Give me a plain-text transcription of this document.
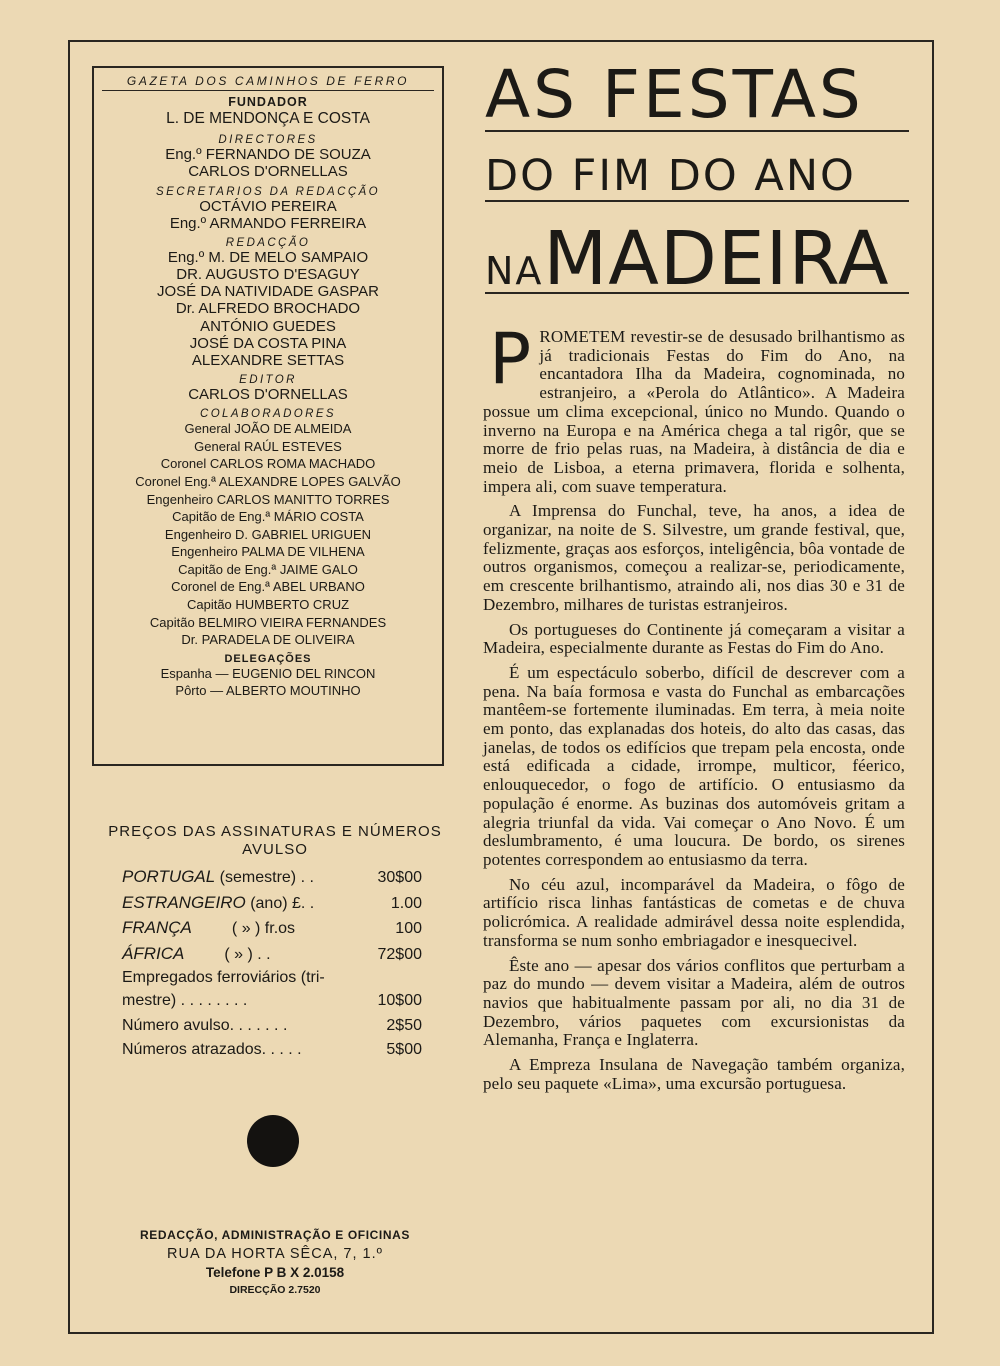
GAZETA DOS CAMINHOS DE FERRO
FUNDADOR
L. DE MENDONÇA E COSTA
DIRECTORES
Eng.º FERNANDO DE SOUZA
CARLOS D'ORNELLAS
SECRETARIOS DA REDACÇÃO
OCTÁVIO PEREIRA
Eng.º ARMANDO FERREIRA
REDACÇÃO
Eng.º M. DE MELO SAMPAIO
DR. AUGUSTO D'ESAGUY
JOSÉ DA NATIVIDADE GASPAR
Dr. ALFREDO BROCHADO
ANTÓNIO GUEDES
JOSÉ DA COSTA PINA
ALEXANDRE SETTAS
EDITOR
CARLOS D'ORNELLAS
COLABORADORES
General JOÃO DE ALMEIDA
General RAÚL ESTEVES
Coronel CARLOS ROMA MACHADO
Coronel Eng.ª ALEXANDRE LOPES GALVÃO
Engenheiro CARLOS MANITTO TORRES
Capitão de Eng.ª MÁRIO COSTA
Engenheiro D. GABRIEL URIGUEN
Engenheiro PALMA DE VILHENA
Capitão de Eng.ª JAIME GALO
Coronel de Eng.ª ABEL URBANO
Capitão HUMBERTO CRUZ
Capitão BELMIRO VIEIRA FERNANDES
Dr. PARADELA DE OLIVEIRA
DELEGAÇÕES
Espanha — EUGENIO DEL RINCON
Pôrto — ALBERTO MOUTINHO
PREÇOS DAS ASSINATURAS E NÚMEROS
AVULSO
PORTUGAL (semestre) . .	30$00
ESTRANGEIRO (ano) £. .	1.00
FRANÇA         ( » ) fr.os	100
ÁFRICA         ( » ) . .	72$00
Empregados ferroviários (tri-
mestre) . . . . . . . .	10$00
Número avulso. . . . . . .	2$50
Números atrazados. . . . .	5$00
REDACÇÃO, ADMINISTRAÇÃO E OFICINAS
RUA DA HORTA SÊCA, 7, 1.º
Telefone P B X 2.0158
DIRECÇÃO 2.7520
AS FESTAS
DO FIM DO ANO
NAMADEIRA

PROMETEM revestir-se de desusado brilhantismo as já tradicionais Festas do Fim do Ano, na encantadora Ilha da Madeira, cognominada, no estranjeiro, a «Perola do Atlântico». A Madeira possue um clima excepcional, único no Mundo. Quando o inverno na Europa e na América chega a tal rigôr, que se morre de frio pelas ruas, na Madeira, à distância de dia e meio de Lisboa, a eterna primavera, florida e solhenta, impera ali, com suave temperatura.

A Imprensa do Funchal, teve, ha anos, a idea de organizar, na noite de S. Silvestre, um grande festival, que, felizmente, graças aos esforços, inteligência, bôa vontade de outros organismos, começou a realizar-se, periodicamente, em crescente brilhantismo, atraindo ali, nos dias 30 e 31 de Dezembro, milhares de turistas estranjeiros.

Os portugueses do Continente já começaram a visitar a Madeira, especialmente durante as Festas do Fim do Ano.

É um espectáculo soberbo, difícil de descrever com a pena. Na baía formosa e vasta do Funchal as embarcações mantêem-se fortemente iluminadas. Em terra, à meia noite em ponto, das explanadas dos hoteis, do alto das casas, das janelas, de todos os edifícios que trepam pela encosta, onde está edificada a cidade, irrompe, multicor, féerico, enlouquecedor, o fogo de artifício. O entusiasmo da população é enorme. As buzinas dos automóveis gritam a alegria triunfal da vida. Vai começar o Ano Novo. É um deslumbramento, é uma loucura. De bordo, os sirenes potentes correspondem ao entusiasmo da terra.

No céu azul, incomparável da Madeira, o fôgo de artifício risca linhas fantásticas de cometas e de chuva policrómica. A realidade admirável dessa noite esplendida, transforma se num sonho embriagador e inesquecivel.

Êste ano — apesar dos vários conflitos que perturbam a paz do mundo — devem visitar a Madeira, além de outros navios que habitualmente passam por ali, no dia 31 de Dezembro, vários paquetes com excursionistas da Alemanha, França e Inglaterra.

A Empreza Insulana de Navegação também organiza, pelo seu paquete «Lima», uma excursão portuguesa.
